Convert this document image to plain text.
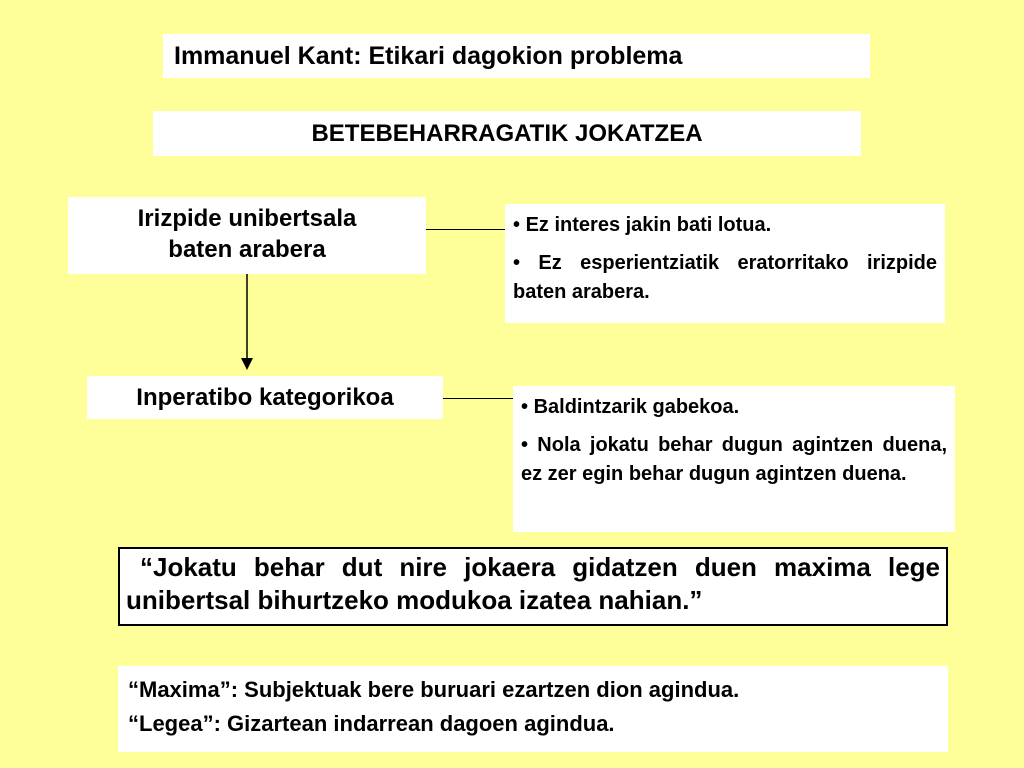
Immanuel Kant: Etikari dagokion problema
BETEBEHARRAGATIK JOKATZEA
Irizpide unibertsala
baten arabera
• Ez interes jakin bati lotua.
• Ez esperientziatik eratorritako irizpide baten arabera.
Inperatibo kategorikoa	• Baldintzarik gabekoa.
• Nola jokatu behar dugun agintzen duena, ez zer egin behar dugun agintzen duena.
“Jokatu behar dut nire jokaera gidatzen duen maxima lege unibertsal bihurtzeko modukoa izatea nahian.”
“Maxima”: Subjektuak bere buruari ezartzen dion agindua.
“Legea”: Gizartean indarrean dagoen agindua.
